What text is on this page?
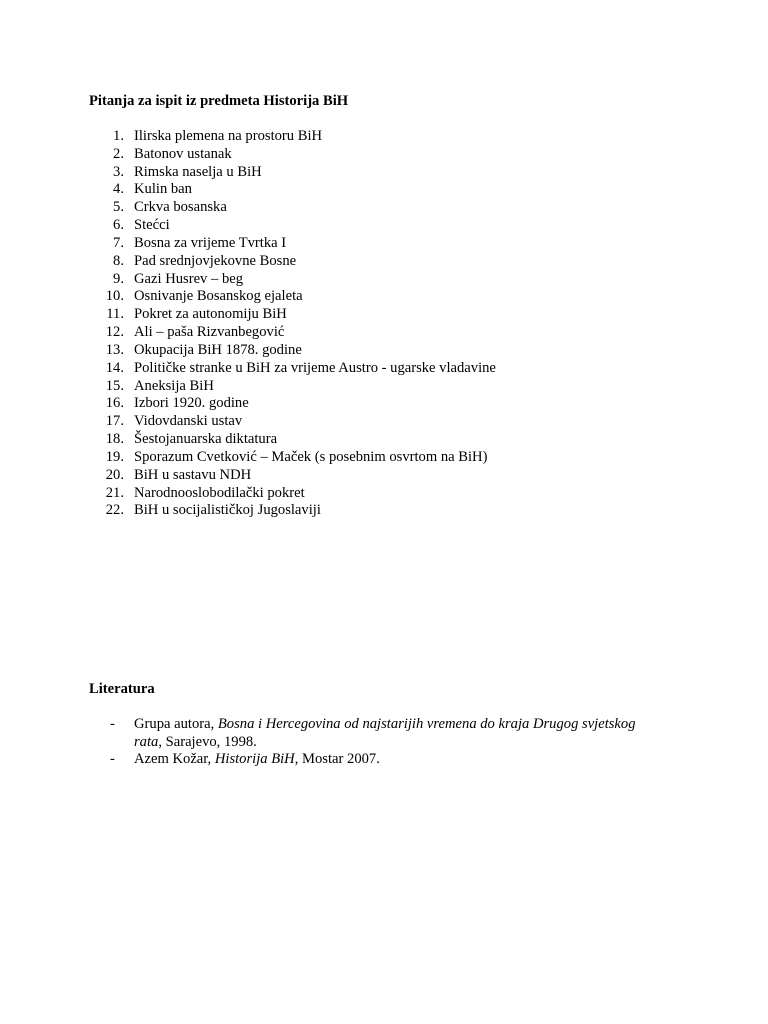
Pitanja za ispit iz predmeta Historija BiH
1. Ilirska plemena na prostoru BiH
2. Batonov ustanak
3. Rimska naselja u BiH
4. Kulin ban
5. Crkva bosanska
6. Stećci
7. Bosna za vrijeme Tvrtka I
8. Pad srednjovjekovne Bosne
9. Gazi Husrev – beg
10. Osnivanje Bosanskog ejaleta
11. Pokret za autonomiju BiH
12. Ali – paša Rizvanbegović
13. Okupacija BiH 1878. godine
14. Političke stranke u BiH za vrijeme Austro - ugarske vladavine
15. Aneksija BiH
16. Izbori 1920. godine
17. Vidovdanski ustav
18. Šestojanuarska diktatura
19. Sporazum Cvetković – Maček (s posebnim osvrtom na BiH)
20. BiH u sastavu NDH
21. Narodnooslobodilački pokret
22. BiH u socijalističkoj Jugoslaviji
Literatura
- Grupa autora, Bosna i Hercegovina od najstarijih vremena do kraja Drugog svjetskog
rata, Sarajevo, 1998.
- Azem Kožar, Historija BiH, Mostar 2007.
